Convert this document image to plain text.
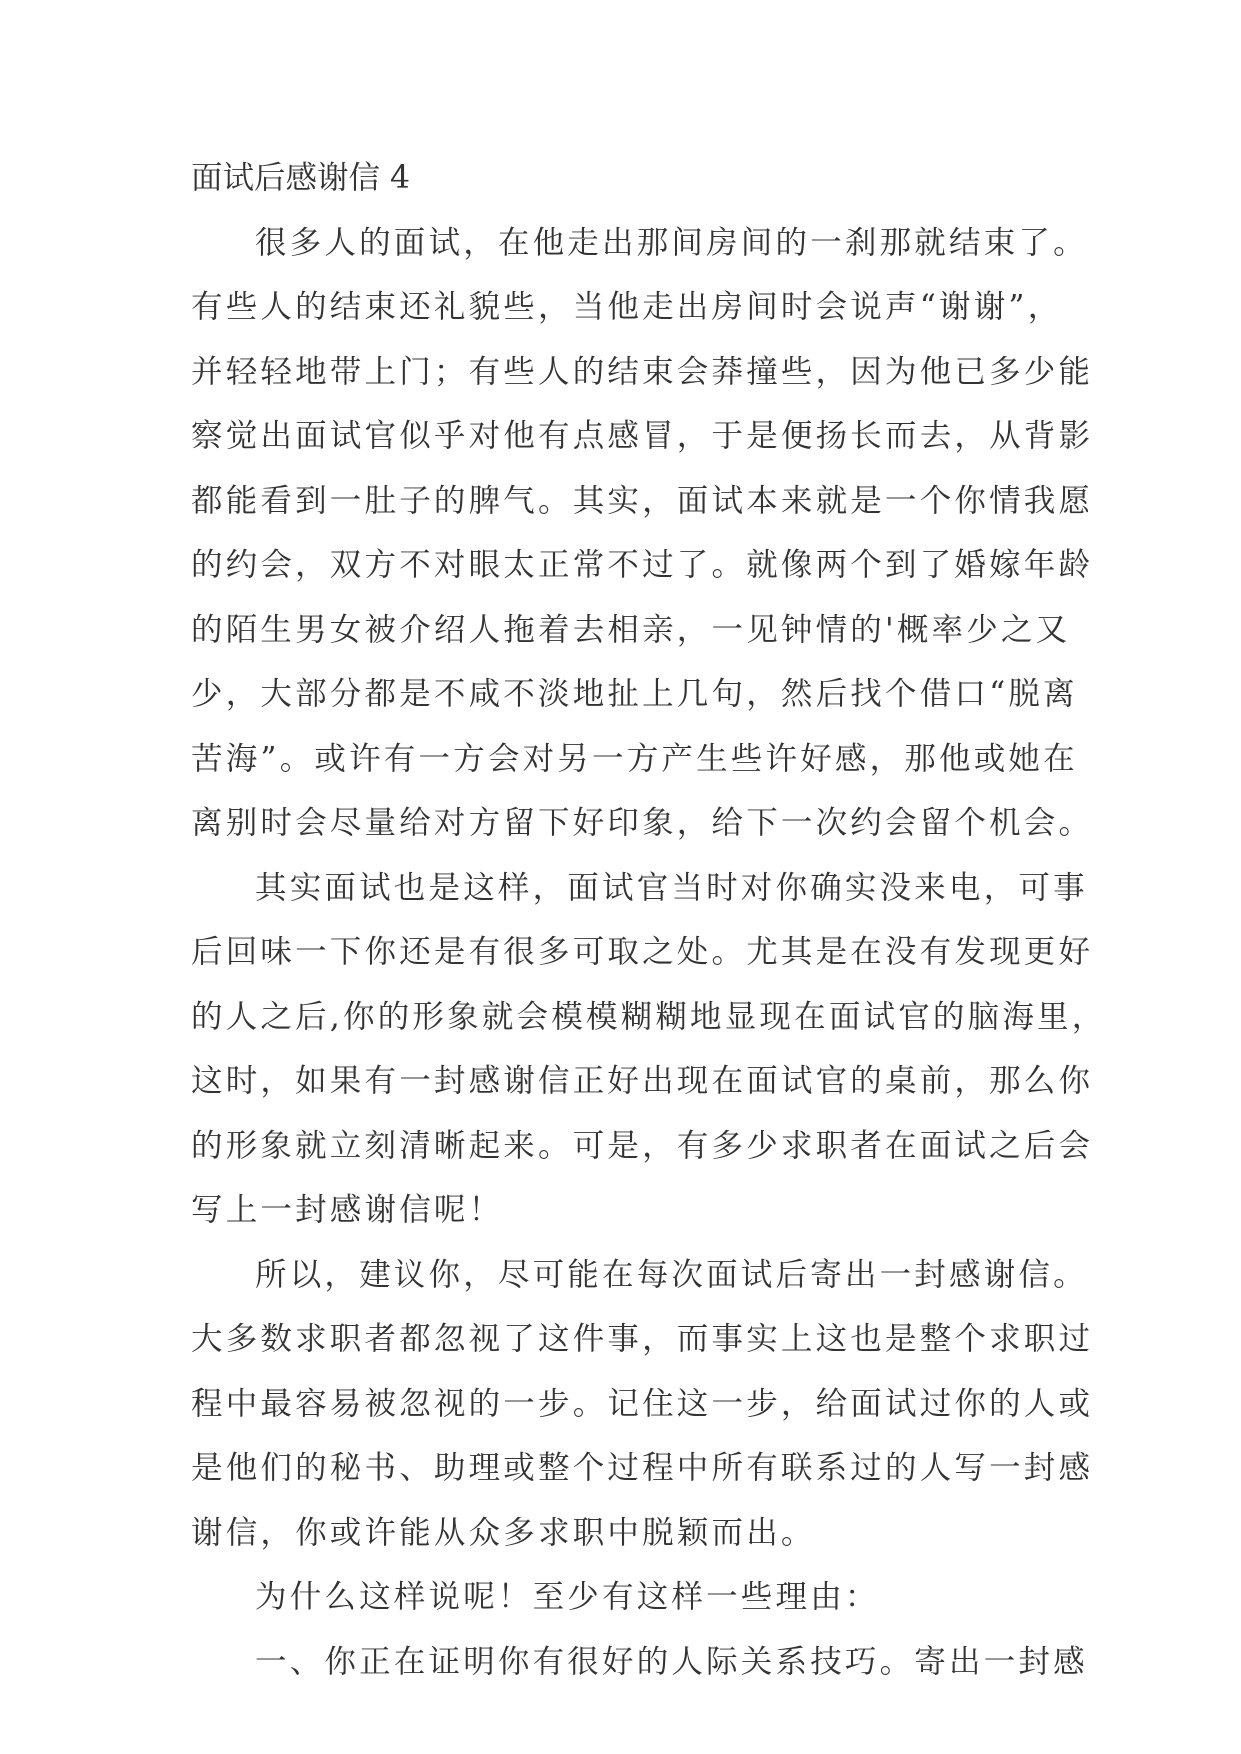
面试后感谢信 4
很多人的面试，在他走出那间房间的一刹那就结束了。
有些人的结束还礼貌些，当他走出房间时会说声“谢谢”，
并轻轻地带上门；有些人的结束会莽撞些，因为他已多少能
察觉出面试官似乎对他有点感冒，于是便扬长而去，从背影
都能看到一肚子的脾气。其实，面试本来就是一个你情我愿
的约会，双方不对眼太正常不过了。就像两个到了婚嫁年龄
的陌生男女被介绍人拖着去相亲，一见钟情的'概率少之又
少，大部分都是不咸不淡地扯上几句，然后找个借口“脱离
苦海”。或许有一方会对另一方产生些许好感，那他或她在
离别时会尽量给对方留下好印象，给下一次约会留个机会。
其实面试也是这样，面试官当时对你确实没来电，可事
后回味一下你还是有很多可取之处。尤其是在没有发现更好
的人之后,你的形象就会模模糊糊地显现在面试官的脑海里，
这时，如果有一封感谢信正好出现在面试官的桌前，那么你
的形象就立刻清晰起来。可是，有多少求职者在面试之后会
写上一封感谢信呢！
所以，建议你，尽可能在每次面试后寄出一封感谢信。
大多数求职者都忽视了这件事，而事实上这也是整个求职过
程中最容易被忽视的一步。记住这一步，给面试过你的人或
是他们的秘书、助理或整个过程中所有联系过的人写一封感
谢信，你或许能从众多求职中脱颖而出。
为什么这样说呢！至少有这样一些理由：
一、你正在证明你有很好的人际关系技巧。寄出一封感
